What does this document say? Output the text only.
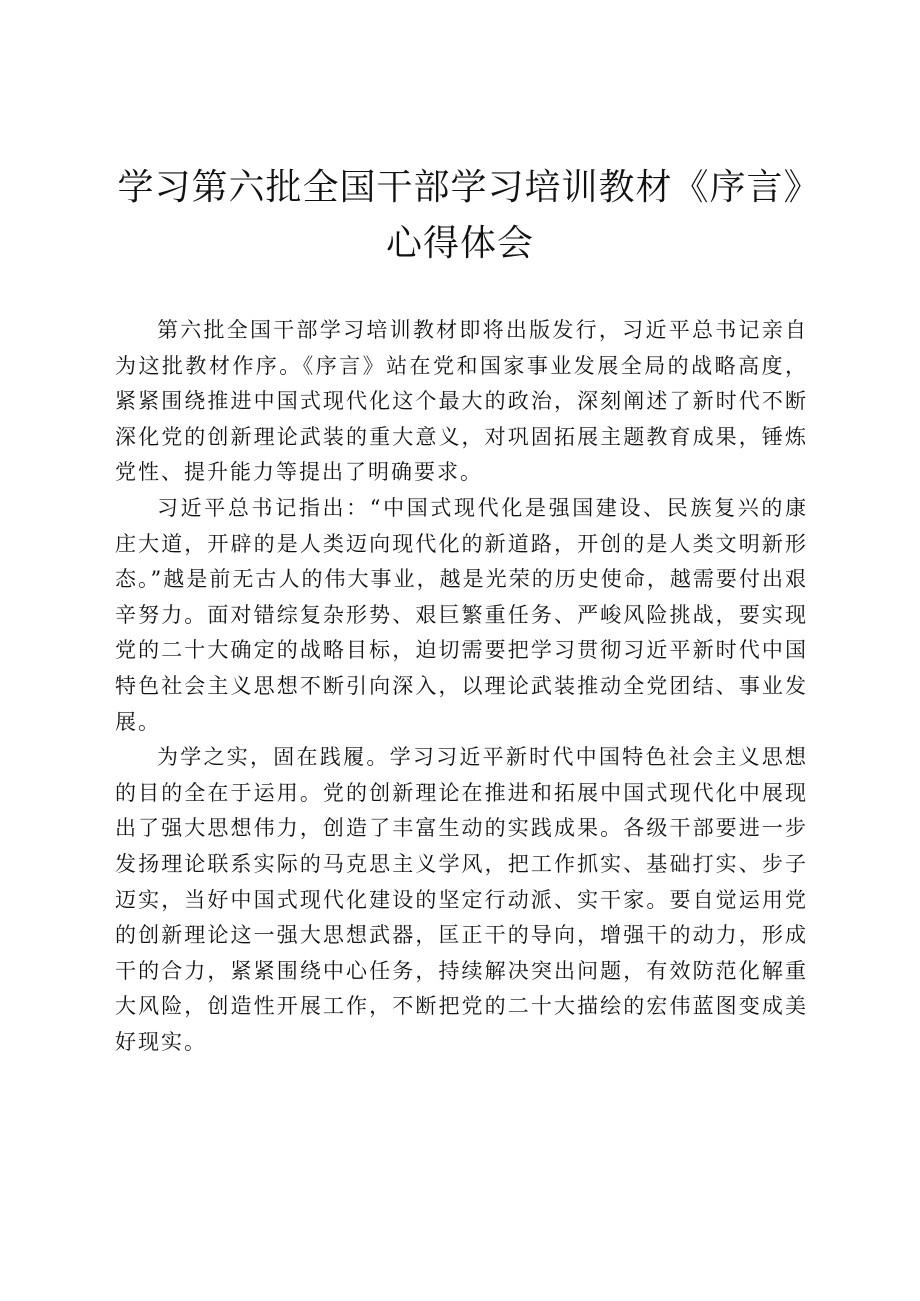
学习第六批全国干部学习培训教材《序言》心得体会

第六批全国干部学习培训教材即将出版发行，习近平总书记亲自为这批教材作序。《序言》站在党和国家事业发展全局的战略高度，紧紧围绕推进中国式现代化这个最大的政治，深刻阐述了新时代不断深化党的创新理论武装的重大意义，对巩固拓展主题教育成果，锤炼党性、提升能力等提出了明确要求。

习近平总书记指出：“中国式现代化是强国建设、民族复兴的康庄大道，开辟的是人类迈向现代化的新道路，开创的是人类文明新形态。”越是前无古人的伟大事业，越是光荣的历史使命，越需要付出艰辛努力。面对错综复杂形势、艰巨繁重任务、严峻风险挑战，要实现党的二十大确定的战略目标，迫切需要把学习贯彻习近平新时代中国特色社会主义思想不断引向深入，以理论武装推动全党团结、事业发展。

为学之实，固在践履。学习习近平新时代中国特色社会主义思想的目的全在于运用。党的创新理论在推进和拓展中国式现代化中展现出了强大思想伟力，创造了丰富生动的实践成果。各级干部要进一步发扬理论联系实际的马克思主义学风，把工作抓实、基础打实、步子迈实，当好中国式现代化建设的坚定行动派、实干家。要自觉运用党的创新理论这一强大思想武器，匡正干的导向，增强干的动力，形成干的合力，紧紧围绕中心任务，持续解决突出问题，有效防范化解重大风险，创造性开展工作，不断把党的二十大描绘的宏伟蓝图变成美好现实。
